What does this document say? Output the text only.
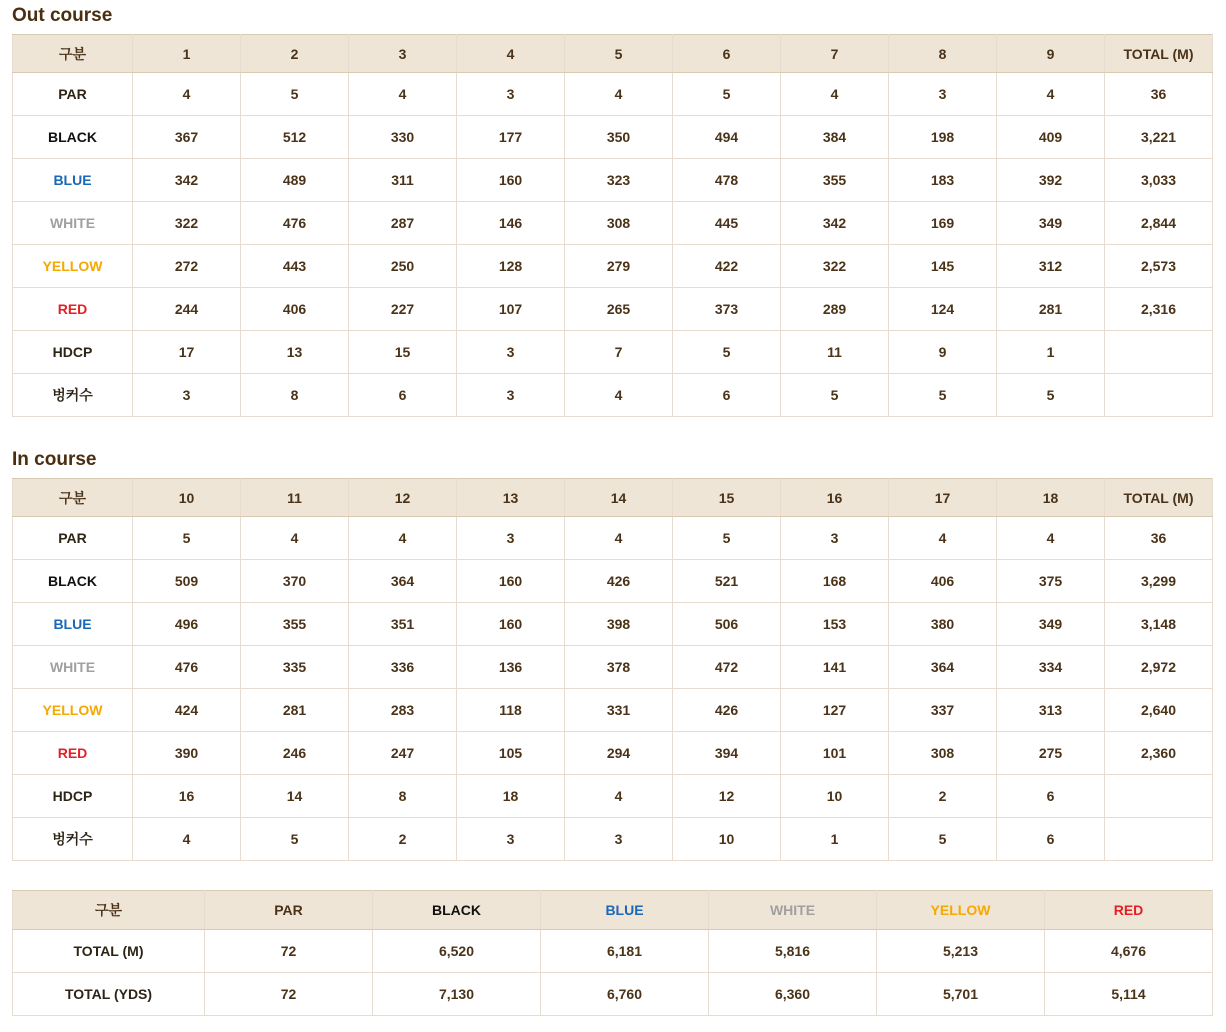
Out course
구분	1	2	3	4	5	6	7	8	9	TOTAL (M)
PAR	4	5	4	3	4	5	4	3	4	36
BLACK	367	512	330	177	350	494	384	198	409	3,221
BLUE	342	489	311	160	323	478	355	183	392	3,033
WHITE	322	476	287	146	308	445	342	169	349	2,844
YELLOW	272	443	250	128	279	422	322	145	312	2,573
RED	244	406	227	107	265	373	289	124	281	2,316
HDCP	17	13	15	3	7	5	11	9	1	
벙커수	3	8	6	3	4	6	5	5	5	
In course
구분	10	11	12	13	14	15	16	17	18	TOTAL (M)
PAR	5	4	4	3	4	5	3	4	4	36
BLACK	509	370	364	160	426	521	168	406	375	3,299
BLUE	496	355	351	160	398	506	153	380	349	3,148
WHITE	476	335	336	136	378	472	141	364	334	2,972
YELLOW	424	281	283	118	331	426	127	337	313	2,640
RED	390	246	247	105	294	394	101	308	275	2,360
HDCP	16	14	8	18	4	12	10	2	6	
벙커수	4	5	2	3	3	10	1	5	6	
구분	PAR	BLACK	BLUE	WHITE	YELLOW	RED
TOTAL (M)	72	6,520	6,181	5,816	5,213	4,676
TOTAL (YDS)	72	7,130	6,760	6,360	5,701	5,114
